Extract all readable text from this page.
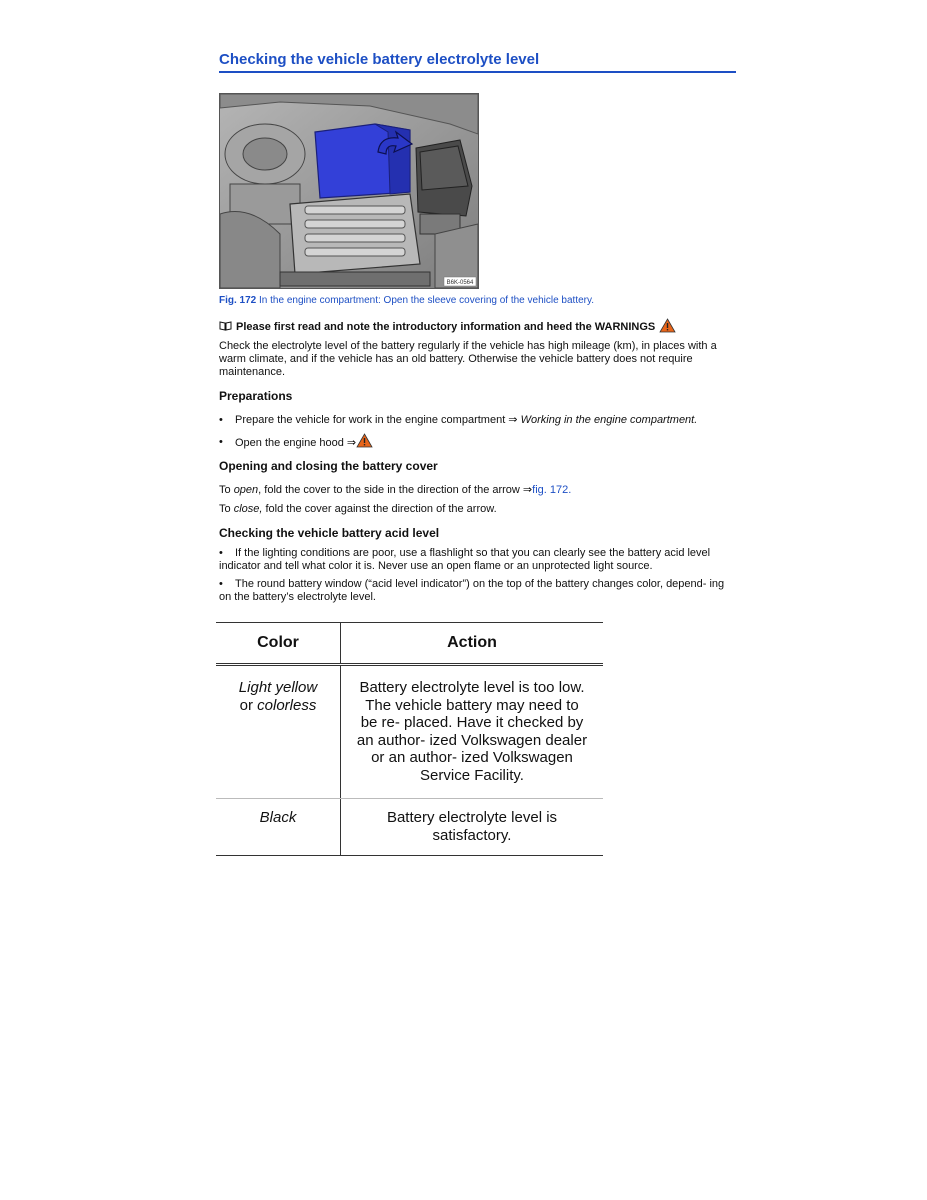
Checking the vehicle battery electrolyte level
B6K-0564
Fig. 172 In the engine compartment: Open the sleeve covering of the vehicle battery.
Please first read and note the introductory information and heed the WARNINGS
Check the electrolyte level of the battery regularly if the vehicle has high mileage (km), in places with a warm climate, and if the vehicle has an old battery. Otherwise the vehicle battery does not require maintenance.
Preparations
•	Prepare the vehicle for work in the engine compartment ⇒
Working in the engine compartment.
•	Open the engine hood ⇒
Opening and closing the battery cover
To open, fold the cover to the side in the direction of the arrow ⇒fig. 172.
To close, fold the cover against the direction of the arrow.
Checking the vehicle battery acid level
• If the lighting conditions are poor, use a flashlight so that you can clearly see the battery acid level indicator and tell what color it is. Never use an open flame or an unprotected light source.
• The round battery window (“acid level indicator”) on the top of the battery changes color, depend- ing on the battery’s electrolyte level.
Color	Action
Light yellow
or colorless	Battery electrolyte level is too low. The vehicle battery may need to be re- placed. Have it checked by an author- ized Volkswagen dealer or an author- ized Volkswagen Service Facility.
Black	Battery electrolyte level is satisfactory.
